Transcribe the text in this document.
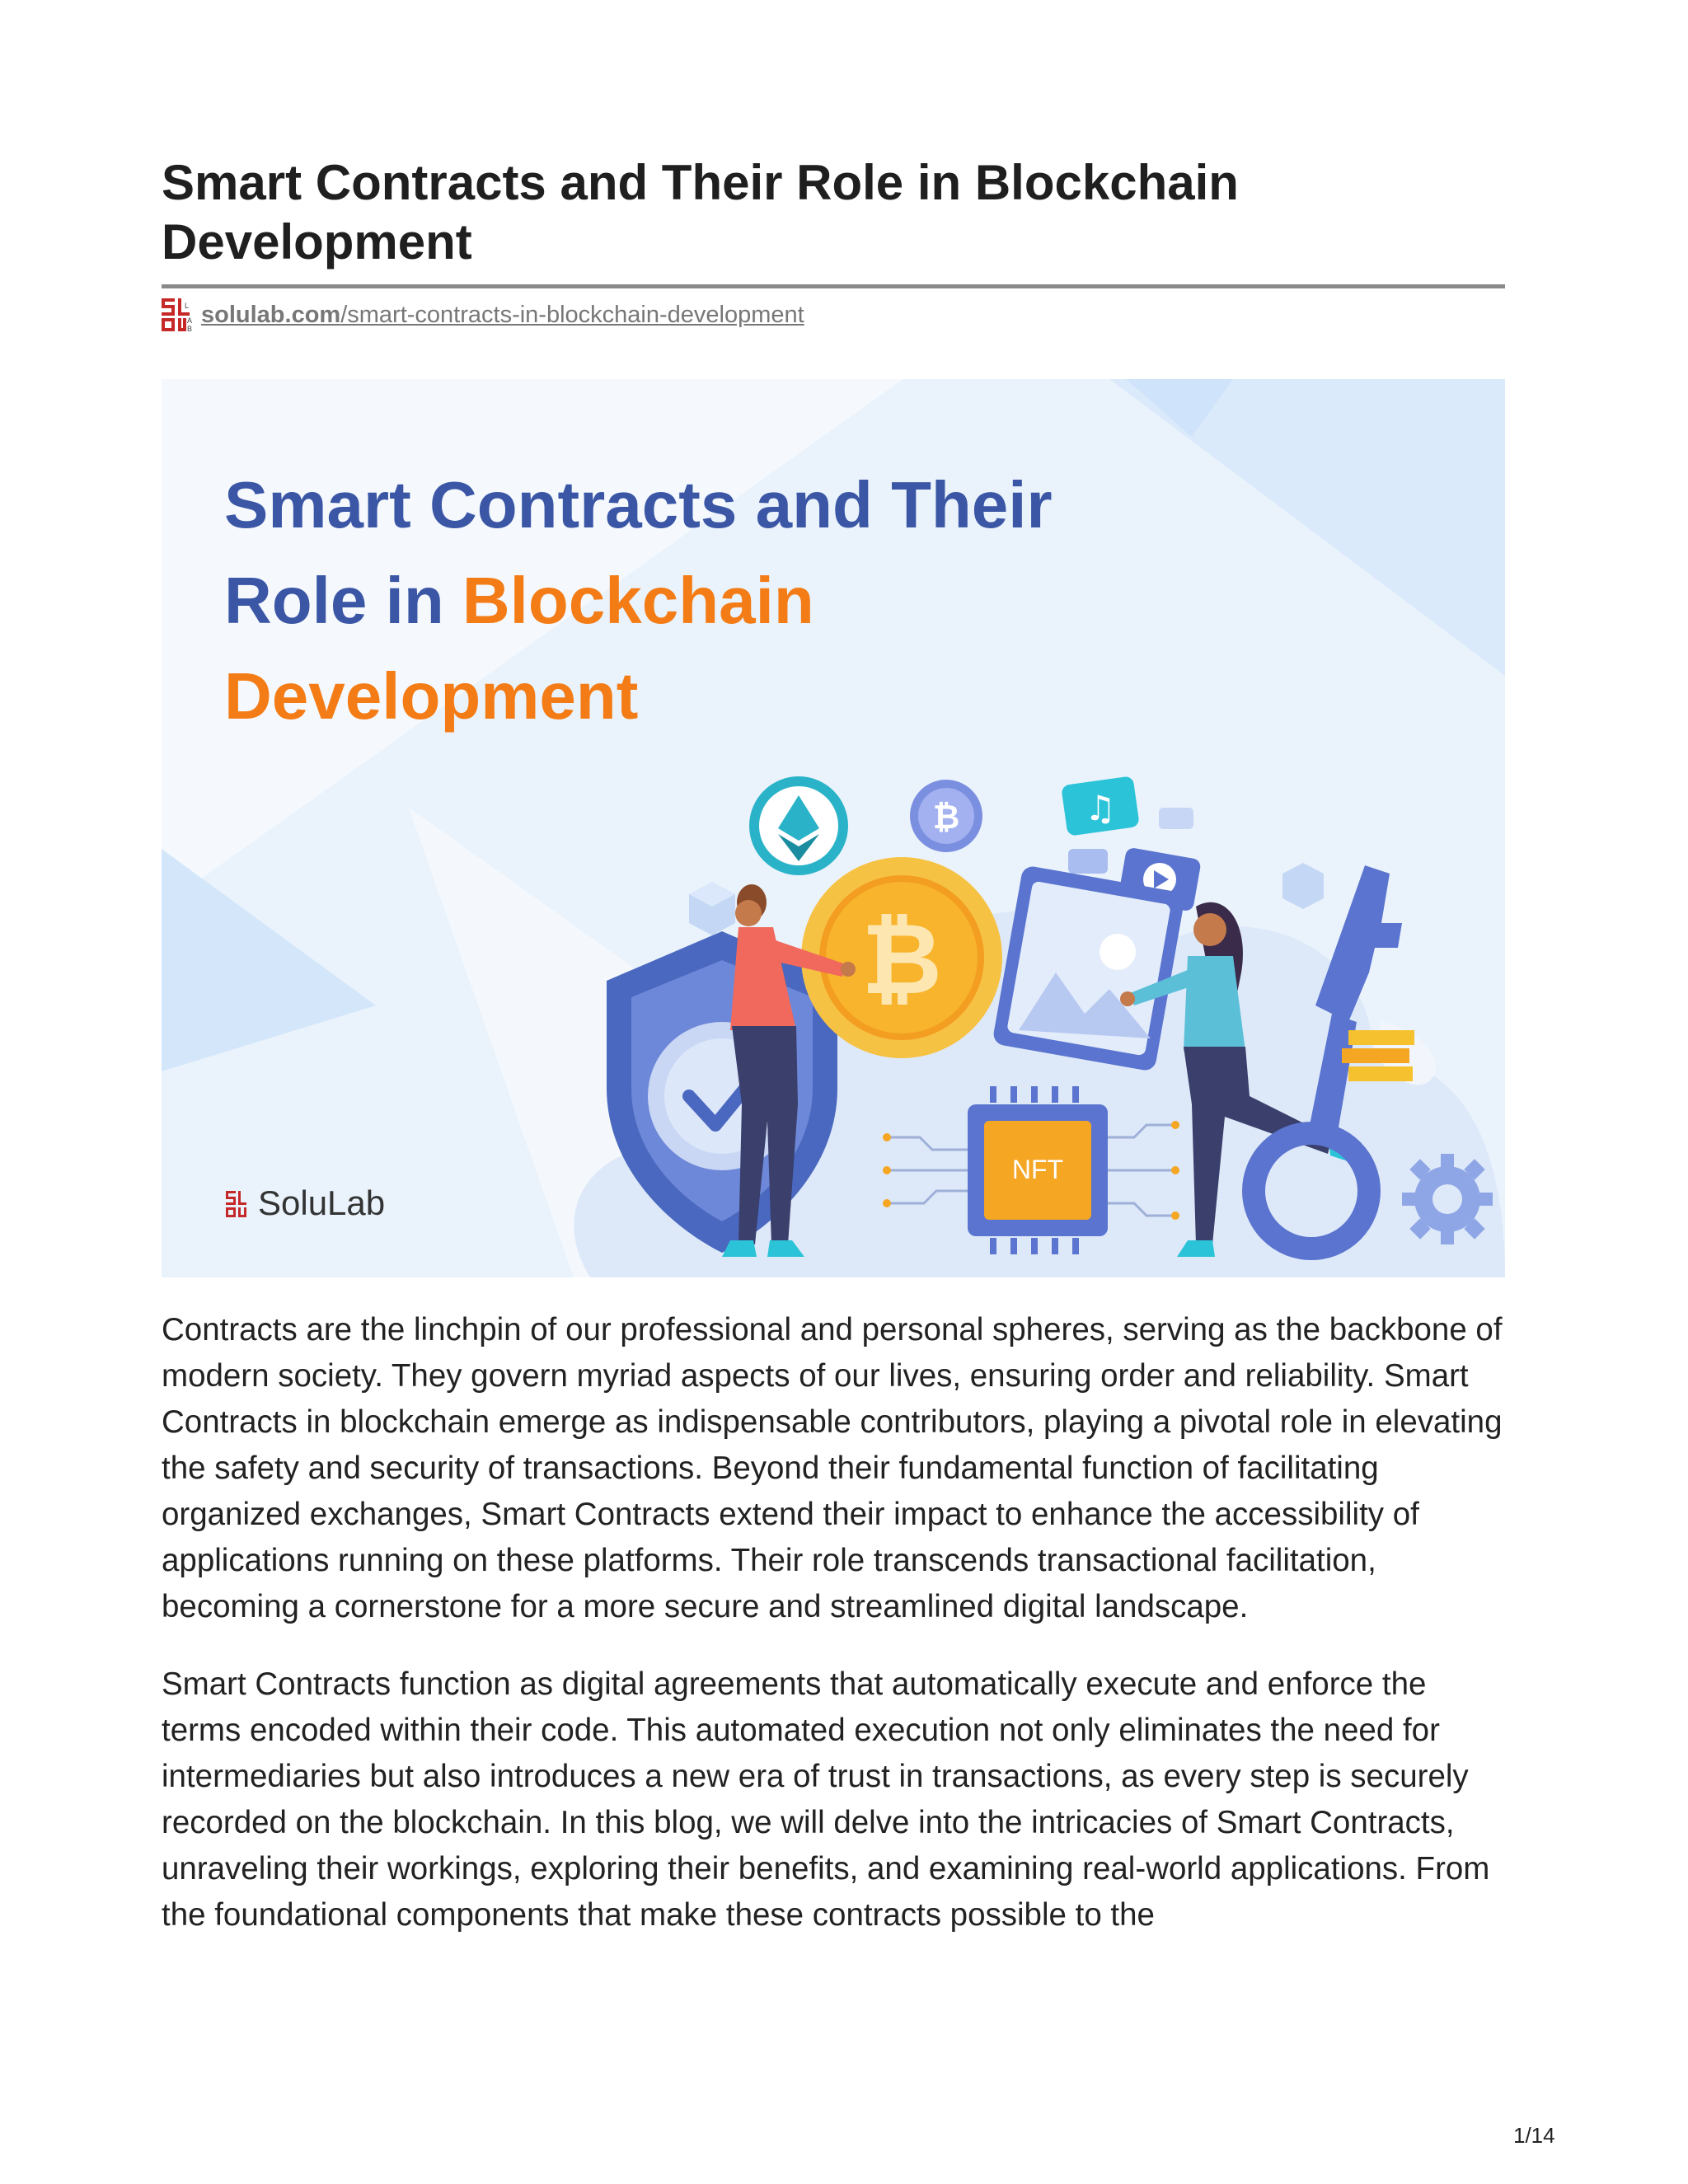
Smart Contracts and Their Role in Blockchain Development
L
A
B
solulab.com/smart-contracts-in-blockchain-development
Smart Contracts and Their
Role in Blockchain
Development
₿	♫
₿
NFT
SoluLab

Contracts are the linchpin of our professional and personal spheres, serving as the backbone of modern society. They govern myriad aspects of our lives, ensuring order and reliability. Smart Contracts in blockchain emerge as indispensable contributors, playing a pivotal role in elevating the safety and security of transactions. Beyond their fundamental function of facilitating organized exchanges, Smart Contracts extend their impact to enhance the accessibility of applications running on these platforms. Their role transcends transactional facilitation, becoming a cornerstone for a more secure and streamlined digital landscape.

Smart Contracts function as digital agreements that automatically execute and enforce the terms encoded within their code. This automated execution not only eliminates the need for intermediaries but also introduces a new era of trust in transactions, as every step is securely recorded on the blockchain. In this blog, we will delve into the intricacies of Smart Contracts, unraveling their workings, exploring their benefits, and examining real-world applications. From the foundational components that make these contracts possible to the

1/14
